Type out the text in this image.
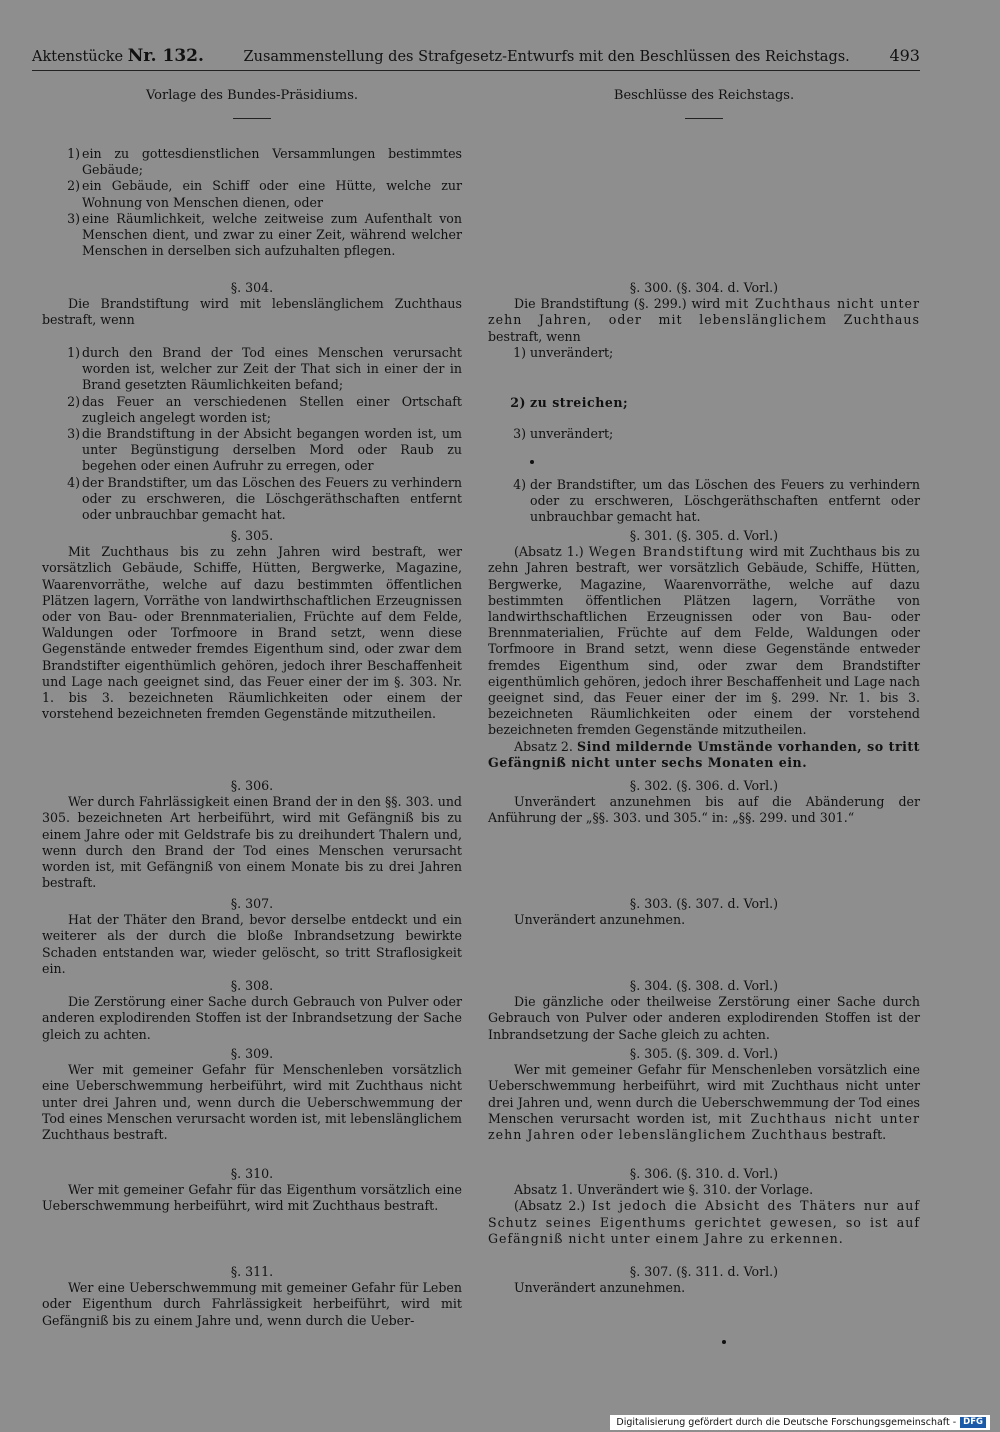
Aktenstücke Nr. 132.	Zusammenstellung des Strafgesetz-Entwurfs mit den Beschlüssen des Reichstags. 493
Vorlage des Bundes-Präsidiums.
1) ein zu gottesdienstlichen Versammlungen bestimmtes Gebäude;
2) ein Gebäude, ein Schiff oder eine Hütte, welche zur Wohnung von Menschen dienen, oder
3) eine Räumlichkeit, welche zeitweise zum Aufenthalt von Menschen dient, und zwar zu einer Zeit, während welcher Menschen in derselben sich aufzuhalten pflegen.

§. 304.

Die Brandstiftung wird mit lebenslänglichem Zuchthaus bestraft, wenn

1) durch den Brand der Tod eines Menschen verursacht worden ist, welcher zur Zeit der That sich in einer der in Brand gesetzten Räumlichkeiten befand;
2) das Feuer an verschiedenen Stellen einer Ortschaft zugleich angelegt worden ist;
3) die Brandstiftung in der Absicht begangen worden ist, um unter Begünstigung derselben Mord oder Raub zu begehen oder einen Aufruhr zu erregen, oder
4) der Brandstifter, um das Löschen des Feuers zu verhindern oder zu erschweren, die Löschgeräthschaften entfernt oder unbrauchbar gemacht hat.

§. 305.

Mit Zuchthaus bis zu zehn Jahren wird bestraft, wer vorsätzlich Gebäude, Schiffe, Hütten, Bergwerke, Magazine, Waarenvorräthe, welche auf dazu bestimmten öffentlichen Plätzen lagern, Vorräthe von landwirthschaftlichen Erzeugnissen oder von Bau- oder Brennmaterialien, Früchte auf dem Felde, Waldungen oder Torfmoore in Brand setzt, wenn diese Gegenstände entweder fremdes Eigenthum sind, oder zwar dem Brandstifter eigenthümlich gehören, jedoch ihrer Beschaffenheit und Lage nach geeignet sind, das Feuer einer der im §. 303. Nr. 1. bis 3. bezeichneten Räumlichkeiten oder einem der vorstehend bezeichneten fremden Gegenstände mitzutheilen.

§. 306.

Wer durch Fahrlässigkeit einen Brand der in den §§. 303. und 305. bezeichneten Art herbeiführt, wird mit Gefängniß bis zu einem Jahre oder mit Geldstrafe bis zu dreihundert Thalern und, wenn durch den Brand der Tod eines Menschen verursacht worden ist, mit Gefängniß von einem Monate bis zu drei Jahren bestraft.

§. 307.

Hat der Thäter den Brand, bevor derselbe entdeckt und ein weiterer als der durch die bloße Inbrandsetzung bewirkte Schaden entstanden war, wieder gelöscht, so tritt Straflosigkeit ein.

§. 308.

Die Zerstörung einer Sache durch Gebrauch von Pulver oder anderen explodirenden Stoffen ist der Inbrandsetzung der Sache gleich zu achten.

§. 309.

Wer mit gemeiner Gefahr für Menschenleben vorsätzlich eine Ueberschwemmung herbeiführt, wird mit Zuchthaus nicht unter drei Jahren und, wenn durch die Ueberschwemmung der Tod eines Menschen verursacht worden ist, mit lebenslänglichem Zuchthaus bestraft.

§. 310.

Wer mit gemeiner Gefahr für das Eigenthum vorsätzlich eine Ueberschwemmung herbeiführt, wird mit Zuchthaus bestraft.

§. 311.

Wer eine Ueberschwemmung mit gemeiner Gefahr für Leben oder Eigenthum durch Fahrlässigkeit herbeiführt, wird mit Gefängniß bis zu einem Jahre und, wenn durch die Ueber-

Beschlüsse des Reichstags.

§. 300. (§. 304. d. Vorl.)

Die Brandstiftung (§. 299.) wird mit Zuchthaus nicht unter zehn Jahren, oder mit lebenslänglichem Zuchthaus bestraft, wenn

1) unverändert;
2) zu streichen;
3) unverändert;
4) der Brandstifter, um das Löschen des Feuers zu verhindern oder zu erschweren, Löschgeräthschaften entfernt oder unbrauchbar gemacht hat.

§. 301. (§. 305. d. Vorl.)

(Absatz 1.) Wegen Brandstiftung wird mit Zuchthaus bis zu zehn Jahren bestraft, wer vorsätzlich Gebäude, Schiffe, Hütten, Bergwerke, Magazine, Waarenvorräthe, welche auf dazu bestimmten öffentlichen Plätzen lagern, Vorräthe von landwirthschaftlichen Erzeugnissen oder von Bau- oder Brennmaterialien, Früchte auf dem Felde, Waldungen oder Torfmoore in Brand setzt, wenn diese Gegenstände entweder fremdes Eigenthum sind, oder zwar dem Brandstifter eigenthümlich gehören, jedoch ihrer Beschaffenheit und Lage nach geeignet sind, das Feuer einer der im §. 299. Nr. 1. bis 3. bezeichneten Räumlichkeiten oder einem der vorstehend bezeichneten fremden Gegenstände mitzutheilen.

Absatz 2. Sind mildernde Umstände vorhanden, so tritt Gefängniß nicht unter sechs Monaten ein.

§. 302. (§. 306. d. Vorl.)

Unverändert anzunehmen bis auf die Abänderung der Anführung der „§§. 303. und 305.“ in: „§§. 299. und 301.“

§. 303. (§. 307. d. Vorl.)

Unverändert anzunehmen.

§. 304. (§. 308. d. Vorl.)

Die gänzliche oder theilweise Zerstörung einer Sache durch Gebrauch von Pulver oder anderen explodirenden Stoffen ist der Inbrandsetzung der Sache gleich zu achten.

§. 305. (§. 309. d. Vorl.)

Wer mit gemeiner Gefahr für Menschenleben vorsätzlich eine Ueberschwemmung herbeiführt, wird mit Zuchthaus nicht unter drei Jahren und, wenn durch die Ueberschwemmung der Tod eines Menschen verursacht worden ist, mit Zuchthaus nicht unter zehn Jahren oder lebenslänglichem Zuchthaus bestraft.

§. 306. (§. 310. d. Vorl.)

Absatz 1. Unverändert wie §. 310. der Vorlage.

(Absatz 2.) Ist jedoch die Absicht des Thäters nur auf Schutz seines Eigenthums gerichtet gewesen, so ist auf Gefängniß nicht unter einem Jahre zu erkennen.

§. 307. (§. 311. d. Vorl.)

Unverändert anzunehmen.

Digitalisierung gefördert durch die Deutsche Forschungsgemeinschaft - DFG
